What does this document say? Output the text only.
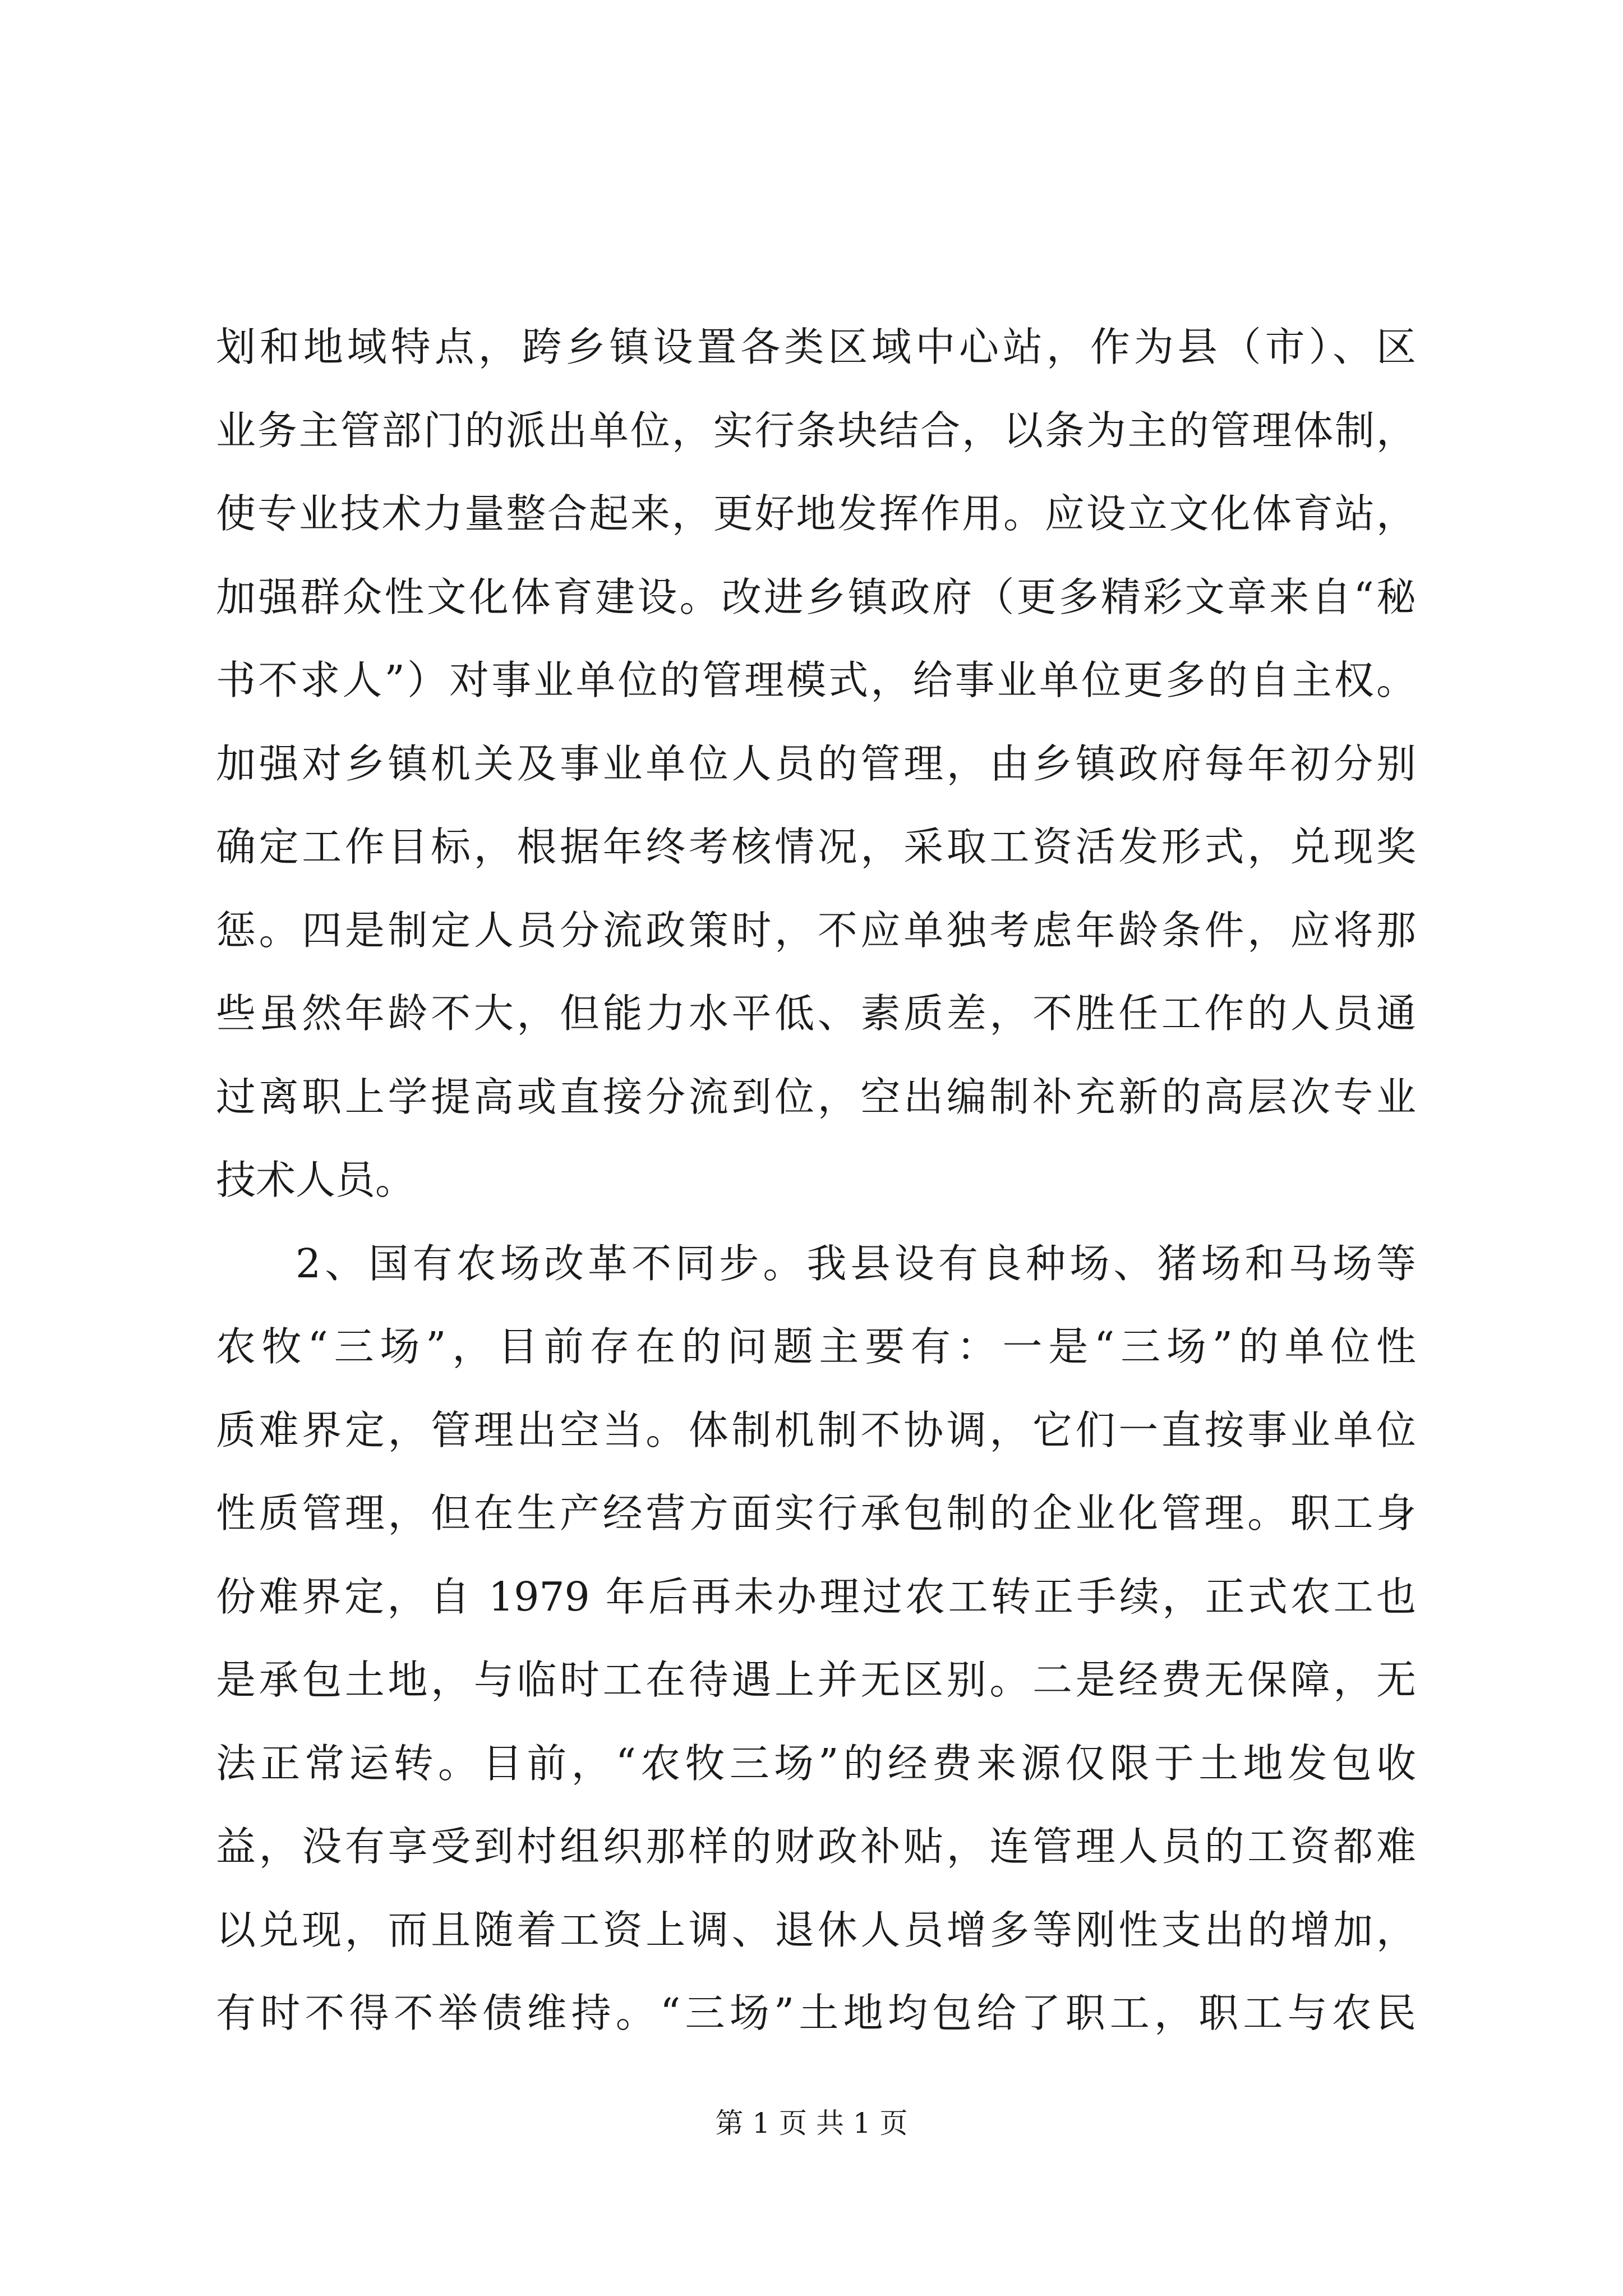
划和地域特点，跨乡镇设置各类区域中心站，作为县（市）、区
业务主管部门的派出单位，实行条块结合，以条为主的管理体制，
使专业技术力量整合起来，更好地发挥作用。应设立文化体育站，
加强群众性文化体育建设。改进乡镇政府（更多精彩文章来自“秘
书不求人”）对事业单位的管理模式，给事业单位更多的自主权。
加强对乡镇机关及事业单位人员的管理，由乡镇政府每年初分别
确定工作目标，根据年终考核情况，采取工资活发形式，兑现奖
惩。四是制定人员分流政策时，不应单独考虑年龄条件，应将那
些虽然年龄不大，但能力水平低、素质差，不胜任工作的人员通
过离职上学提高或直接分流到位，空出编制补充新的高层次专业
技术人员。
2、国有农场改革不同步。我县设有良种场、猪场和马场等
农牧“三场”，目前存在的问题主要有：一是“三场”的单位性
质难界定，管理出空当。体制机制不协调，它们一直按事业单位
性质管理，但在生产经营方面实行承包制的企业化管理。职工身
份难界定，自 1979 年后再未办理过农工转正手续，正式农工也
是承包土地，与临时工在待遇上并无区别。二是经费无保障，无
法正常运转。目前，“农牧三场”的经费来源仅限于土地发包收
益，没有享受到村组织那样的财政补贴，连管理人员的工资都难
以兑现，而且随着工资上调、退休人员增多等刚性支出的增加，
有时不得不举债维持。“三场”土地均包给了职工，职工与农民
第 1 页 共 1 页
